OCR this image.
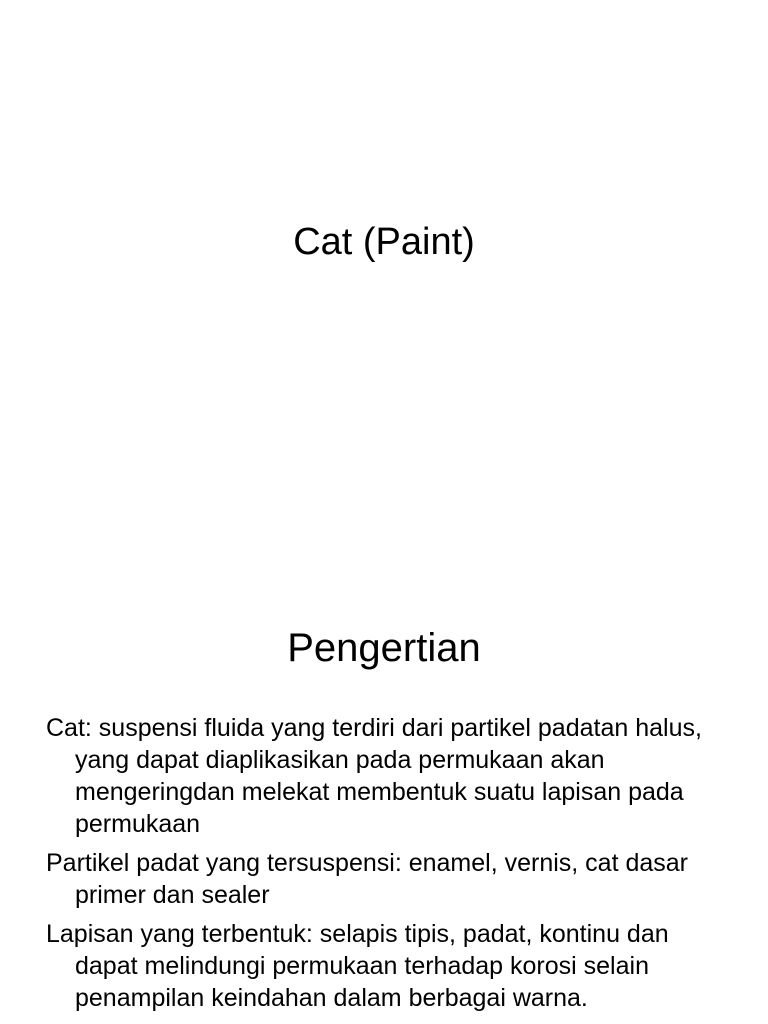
Cat (Paint)
Pengertian
Cat: suspensi fluida yang terdiri dari partikel padatan halus, yang dapat diaplikasikan pada permukaan akan mengeringdan melekat membentuk suatu lapisan pada permukaan
Partikel padat yang tersuspensi: enamel, vernis, cat dasar primer dan sealer
Lapisan yang terbentuk: selapis tipis, padat, kontinu dan dapat melindungi permukaan terhadap korosi selain penampilan keindahan dalam berbagai warna.
